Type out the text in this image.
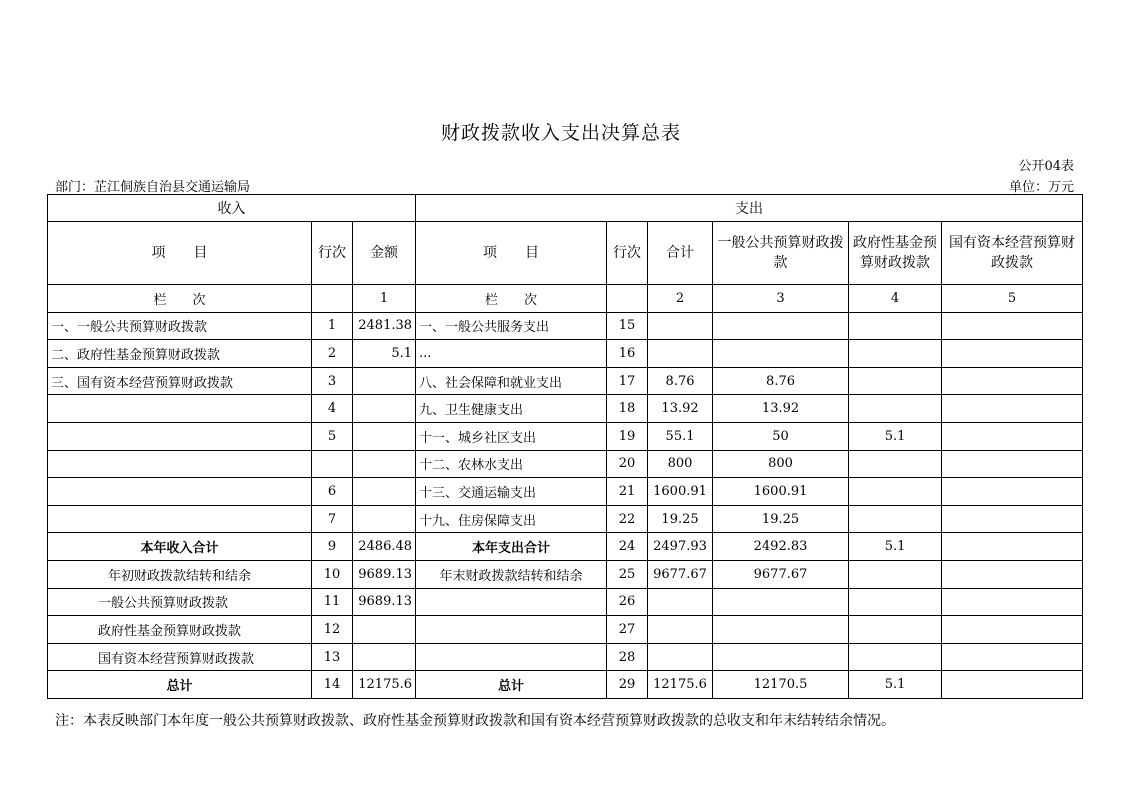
财政拨款收入支出决算总表
公开04表
部门：芷江侗族自治县交通运输局	单位：万元
收入			支出					
项　　目	行次	金额	项　　目	行次	合计	一般公共预算财政拨款	政府性基金预算财政拨款	国有资本经营预算财政拨款
栏　　次		1	栏　　次		2	3	4	5
一、一般公共预算财政拨款	1	2481.38	一、一般公共服务支出	15				
二、政府性基金预算财政拨款	2	5.1	...	16				
三、国有资本经营预算财政拨款	3		八、社会保障和就业支出	17	8.76	8.76		
	4		九、卫生健康支出	18	13.92	13.92		
	5		十一、城乡社区支出	19	55.1	50	5.1	
			十二、农林水支出	20	800	800		
	6		十三、交通运输支出	21	1600.91	1600.91		
	7		十九、住房保障支出	22	19.25	19.25		
本年收入合计	9	2486.48	本年支出合计	24	2497.93	2492.83	5.1	
年初财政拨款结转和结余	10	9689.13	年末财政拨款结转和结余	25	9677.67	9677.67		
一般公共预算财政拨款	11	9689.13		26				
政府性基金预算财政拨款	12			27				
国有资本经营预算财政拨款	13			28				
总计	14	12175.6	总计	29	12175.6	12170.5	5.1	
注：本表反映部门本年度一般公共预算财政拨款、政府性基金预算财政拨款和国有资本经营预算财政拨款的总收支和年末结转结余情况。
